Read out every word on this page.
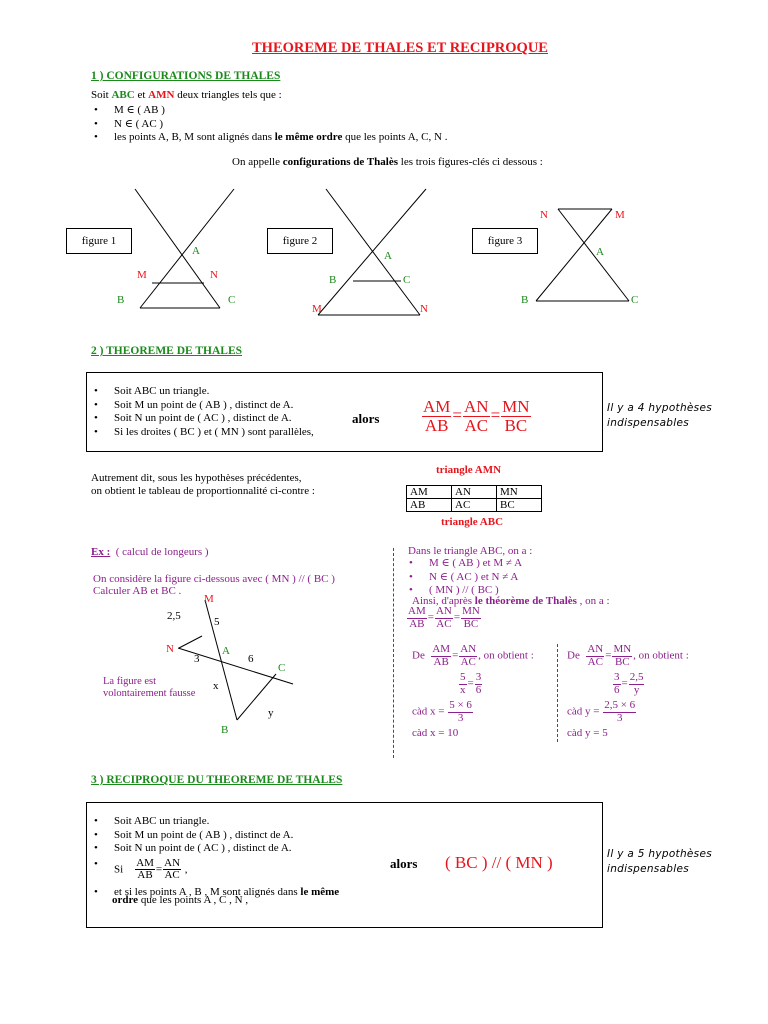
THEOREME DE THALES ET RECIPROQUE
1 ) CONFIGURATIONS DE THALES
Soit ABC et AMN deux triangles tels que :
• M ∈ ( AB )
• N ∈ ( AC )
• les points A, B, M sont alignés dans le même ordre que les points A, C, N .
On appelle configurations de Thalès les trois figures-clés ci dessous :
figure 1	figure 2	figure 3
A
M	N
B	C
A
B	C
M	N
N	M
A
B	C
2 ) THEOREME DE THALES
• Soit ABC un triangle.
• Soit M un point de ( AB ) , distinct de A.
• Soit N un point de ( AC ) , distinct de A.
• Si les droites ( BC ) et ( MN ) sont parallèles,
alors	$\frac{AM}{AB} = \frac{AN}{AC} = \frac{MN}{BC}$	Il y a 4 hypothèses indispensables
Autrement dit, sous les hypothèses précédentes,
on obtient le tableau de proportionnalité ci-contre :
triangle AMN
AM	AN	MN
AB	AC	BC
triangle ABC
Ex : ( calcul de longeurs )
On considère la figure ci-dessous avec ( MN ) // ( BC )
Calculer AB et BC .
M
N	A
C
B
2,5	5
3	6
x
y
La figure est
volontairement fausse
Dans le triangle ABC, on a :
• M ∈ ( AB ) et M ≠ A
• N ∈ ( AC ) et N ≠ A
• ( MN ) // ( BC )
Ainsi, d'après le théorème de Thalès , on a :
$\frac{AM}{AB} = \frac{AN}{AC} = \frac{MN}{BC}$
De $\frac{AM}{AB} = \frac{AN}{AC}$ , on obtient :
$\frac{5}{x} = \frac{3}{6}$
càd $x = \frac{5 \times 6}{3}$
càd x = 10
De $\frac{AN}{AC} = \frac{MN}{BC}$ , on obtient :
$\frac{3}{6} = \frac{2,5}{y}$
càd $y = \frac{2,5 \times 6}{3}$
càd y = 5
3 ) RECIPROQUE DU THEOREME DE THALES
• Soit ABC un triangle.
• Soit M un point de ( AB ) , distinct de A.
• Soit N un point de ( AC ) , distinct de A.
• Si $\frac{AM}{AB} = \frac{AN}{AC}$ ,
• et si les points A , B , M sont alignés dans le même
ordre que les points A , C , N ,
alors ( BC ) // ( MN )	Il y a 5 hypothèses indispensables
